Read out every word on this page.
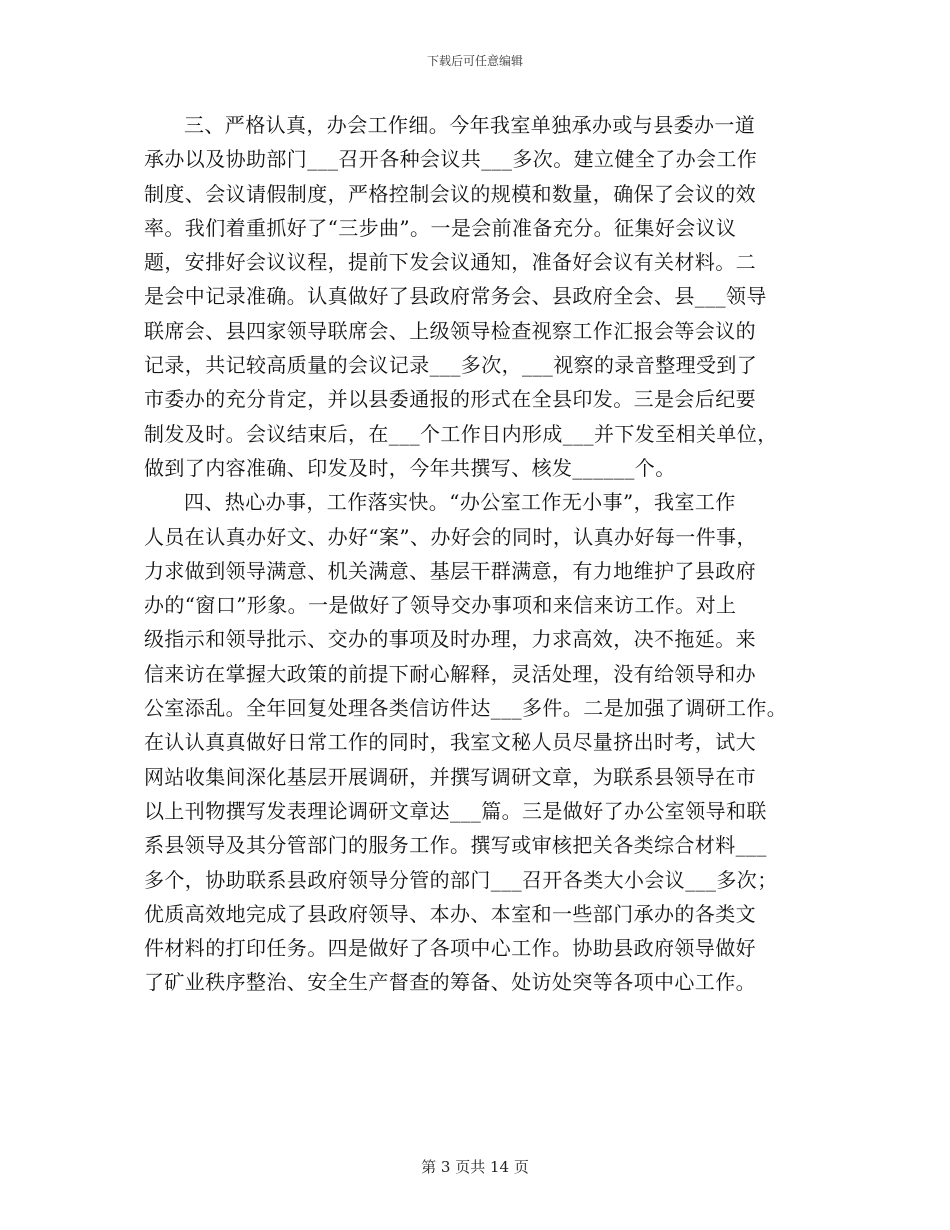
下载后可任意编辑
三、严格认真，办会工作细。今年我室单独承办或与县委办一道
承办以及协助部门___召开各种会议共___多次。建立健全了办会工作
制度、会议请假制度，严格控制会议的规模和数量，确保了会议的效
率。我们着重抓好了“三步曲”。一是会前准备充分。征集好会议议
题，安排好会议议程，提前下发会议通知，准备好会议有关材料。二
是会中记录准确。认真做好了县政府常务会、县政府全会、县___领导
联席会、县四家领导联席会、上级领导检查视察工作汇报会等会议的
记录，共记较高质量的会议记录___多次，___视察的录音整理受到了
市委办的充分肯定，并以县委通报的形式在全县印发。三是会后纪要
制发及时。会议结束后，在___个工作日内形成___并下发至相关单位，
做到了内容准确、印发及时，今年共撰写、核发______个。
四、热心办事，工作落实快。“办公室工作无小事”，我室工作
人员在认真办好文、办好“案”、办好会的同时，认真办好每一件事，
力求做到领导满意、机关满意、基层干群满意，有力地维护了县政府
办的“窗口”形象。一是做好了领导交办事项和来信来访工作。对上
级指示和领导批示、交办的事项及时办理，力求高效，决不拖延。来
信来访在掌握大政策的前提下耐心解释，灵活处理，没有给领导和办
公室添乱。全年回复处理各类信访件达___多件。二是加强了调研工作。
在认认真真做好日常工作的同时，我室文秘人员尽量挤出时考，试大
网站收集间深化基层开展调研，并撰写调研文章，为联系县领导在市
以上刊物撰写发表理论调研文章达___篇。三是做好了办公室领导和联
系县领导及其分管部门的服务工作。撰写或审核把关各类综合材料___
多个，协助联系县政府领导分管的部门___召开各类大小会议___多次；
优质高效地完成了县政府领导、本办、本室和一些部门承办的各类文
件材料的打印任务。四是做好了各项中心工作。协助县政府领导做好
了矿业秩序整治、安全生产督查的筹备、处访处突等各项中心工作。
第 3 页共 14 页
